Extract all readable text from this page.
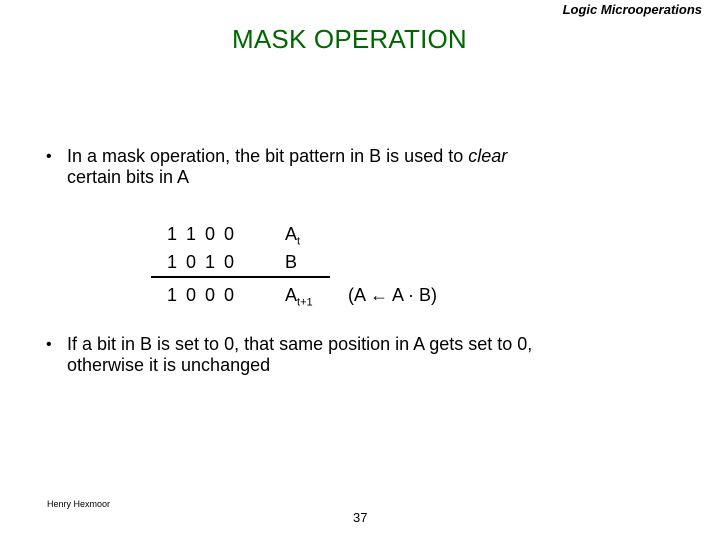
Logic Microoperations
MASK OPERATION
• In a mask operation, the bit pattern in B is used to clear
certain bits in A
1 1 0 0	$A_t$
1 0 1 0	B
1 0 0 0	$A_{t+1}$ (A ← A · B)
• If a bit in B is set to 0, that same position in A gets set to 0,
otherwise it is unchanged
Henry Hexmoor
37
